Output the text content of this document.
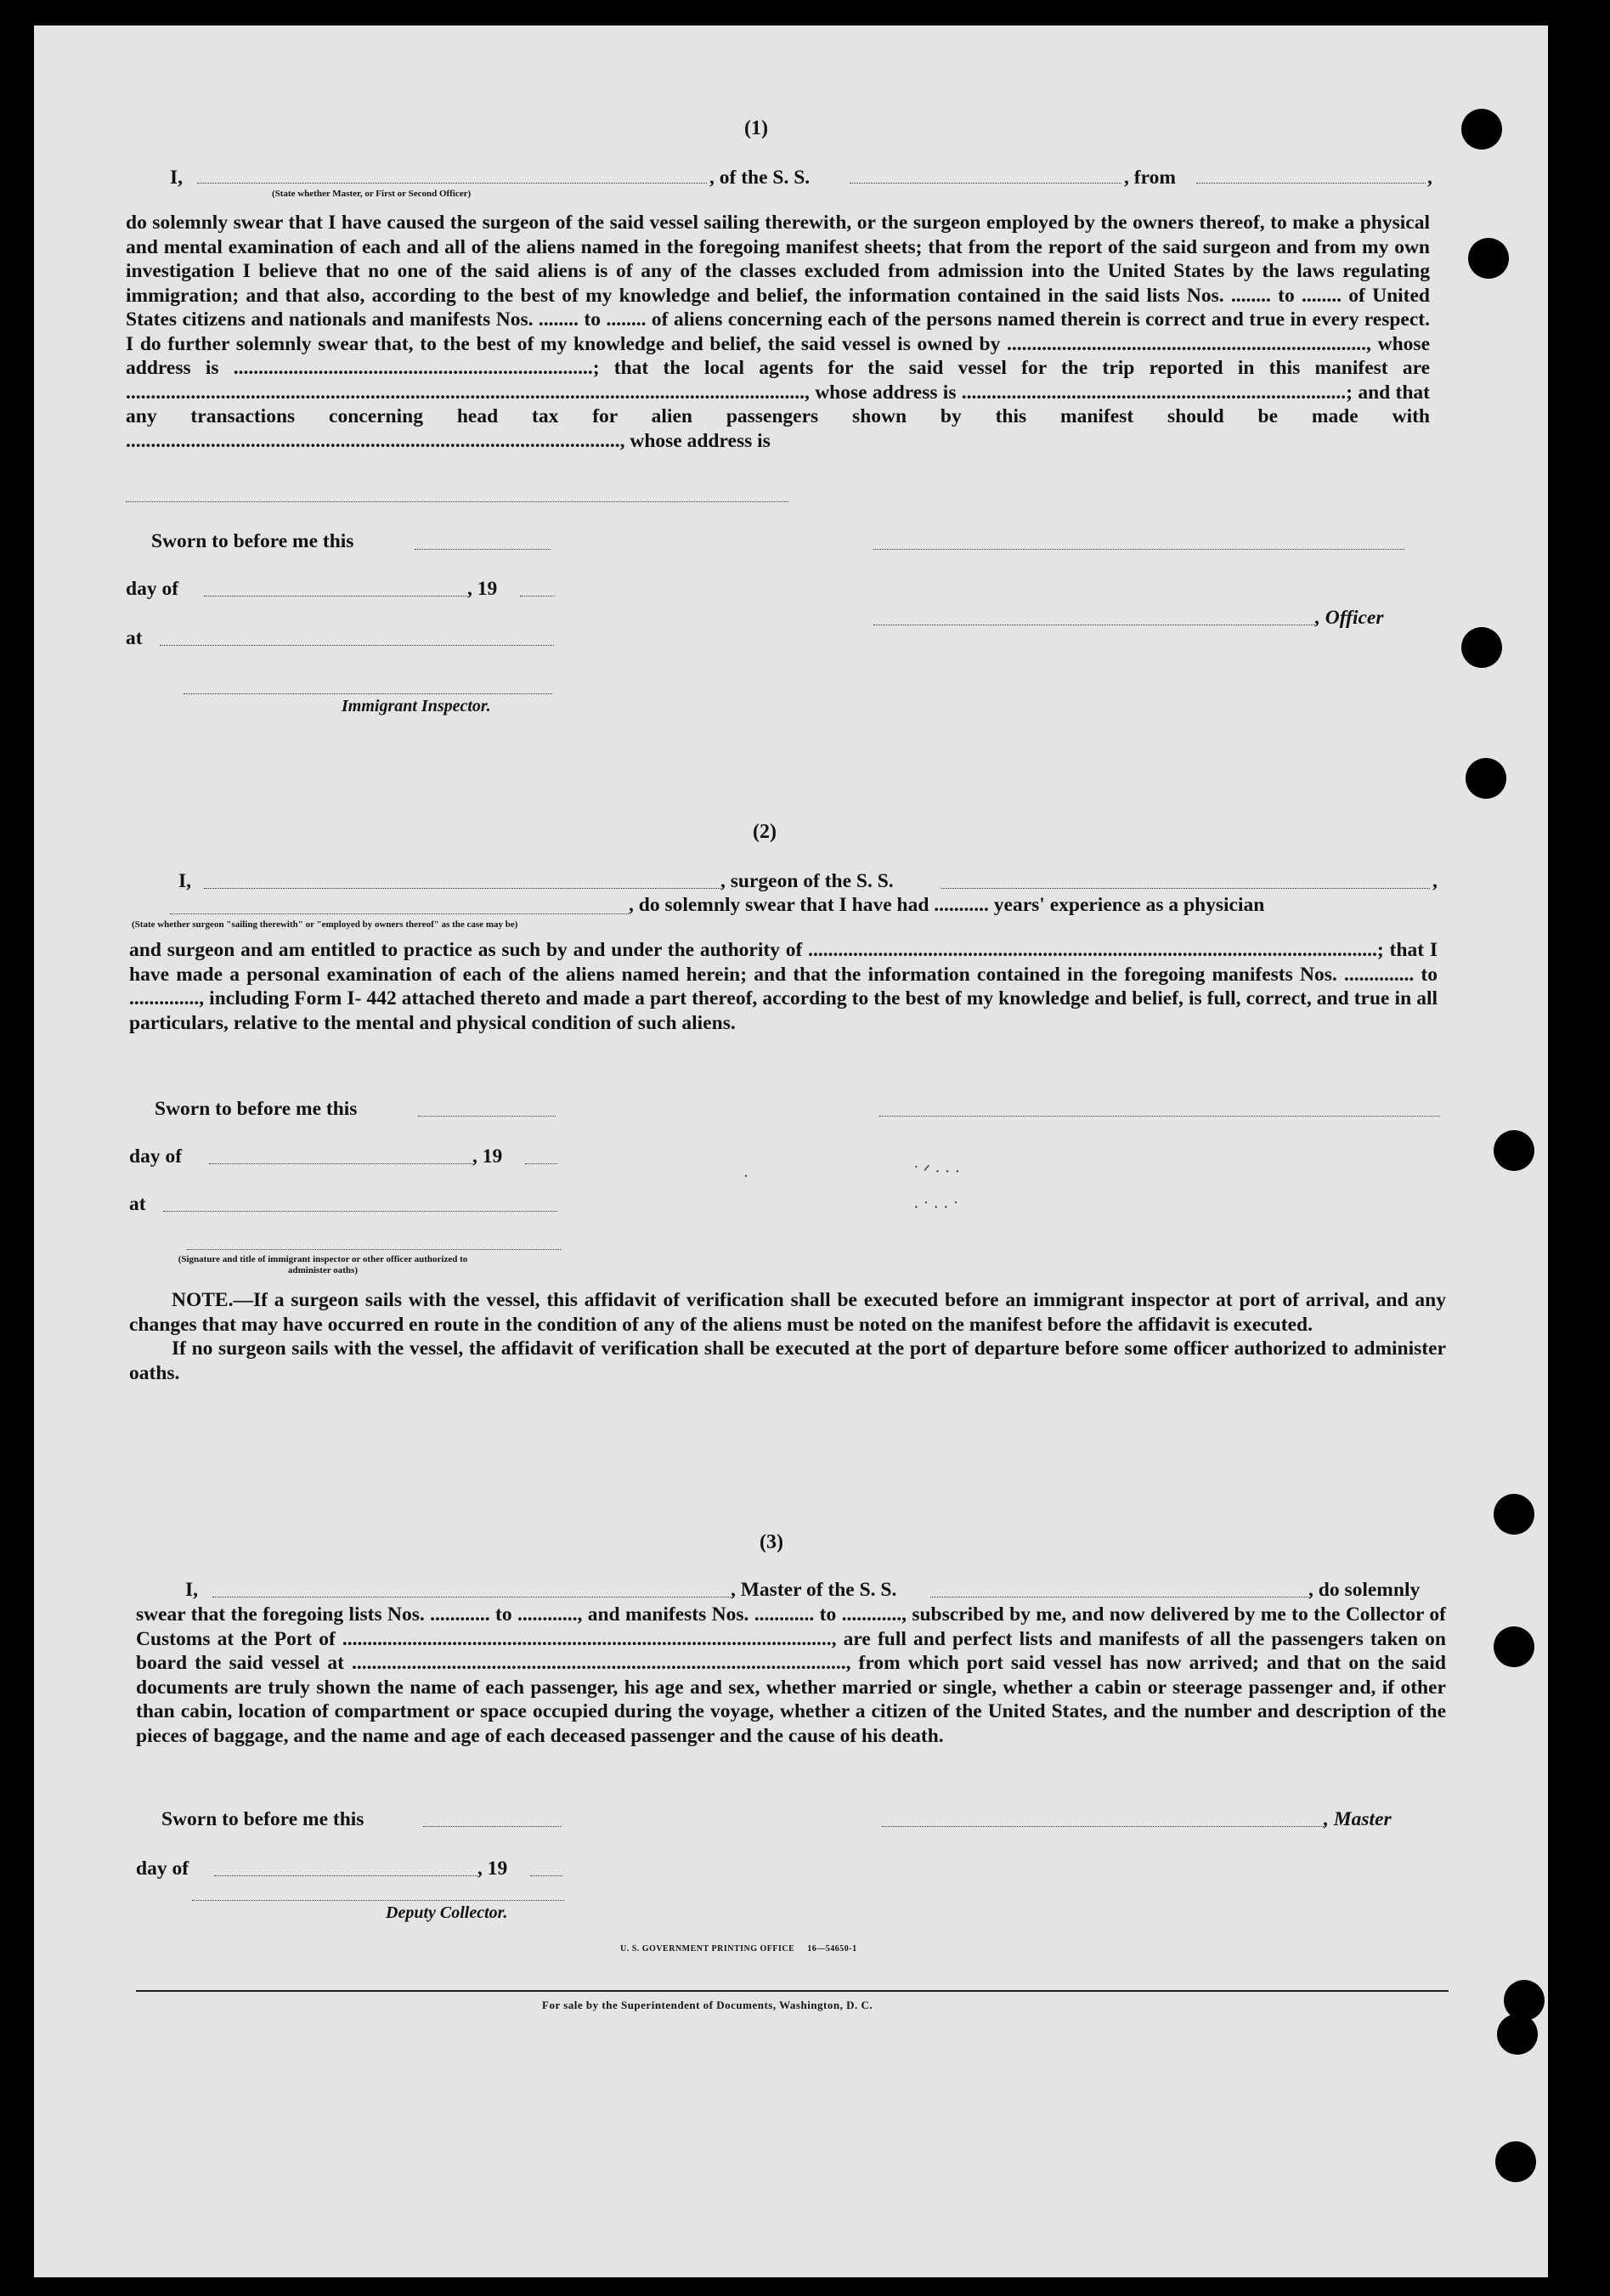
(1)
I,
(State whether Master, or First or Second Officer)
, of the S. S.	, from	,

do solemnly swear that I have caused the surgeon of the said vessel sailing therewith, or the surgeon employed by the owners thereof, to make a physical and mental examination of each and all of the aliens named in the foregoing manifest sheets; that from the report of the said surgeon and from my own investigation I believe that no one of the said aliens is of any of the classes excluded from admission into the United States by the laws regulating immigration; and that also, according to the best of my knowledge and belief, the information contained in the said lists Nos. ........ to ........ of United States citizens and nationals and manifests Nos. ........ to ........ of aliens concerning each of the persons named therein is correct and true in every respect. I do further solemnly swear that, to the best of my knowledge and belief, the said vessel is owned by ........................................................................, whose address is ........................................................................; that the local agents for the said vessel for the trip reported in this manifest are ........................................................................................................................................, whose address is .............................................................................; and that any transactions concerning head tax for alien passengers shown by this manifest should be made with ..................................................................................................., whose address is

Sworn to before me this
day of	, 19
, Officer
at
Immigrant Inspector.
(2)
I,	, surgeon of the S. S.	,
, do solemnly swear that I have had ........... years' experience as a physician
(State whether surgeon "sailing therewith" or "employed by owners thereof" as the case may be)
and surgeon and am entitled to practice as such by and under the authority of ..................................................................................................................; that I have made a personal examination of each of the aliens named herein; and that the information contained in the foregoing manifests Nos. .............. to .............., including Form I- 442 attached thereto and made a part thereof, according to the best of my knowledge and belief, is full, correct, and true in all particulars, relative to the mental and physical condition of such aliens.
Sworn to before me this
day of	, 19
at
˙ ᐟ · · ·
· ˙ · · ˙
ᐧ
(Signature and title of immigrant inspector or other officer authorized to administer oaths)

NOTE.—If a surgeon sails with the vessel, this affidavit of verification shall be executed before an immigrant inspector at port of arrival, and any changes that may have occurred en route in the condition of any of the aliens must be noted on the manifest before the affidavit is executed.

If no surgeon sails with the vessel, the affidavit of verification shall be executed at the port of departure before some officer authorized to administer oaths.

(3)
I,	, Master of the S. S.	, do solemnly
swear that the foregoing lists Nos. ............ to ............, and manifests Nos. ............ to ............, subscribed by me, and now delivered by me to the Collector of Customs at the Port of .................................................................................................., are full and perfect lists and manifests of all the passengers taken on board the said vessel at ..................................................................................................., from which port said vessel has now arrived; and that on the said documents are truly shown the name of each passenger, his age and sex, whether married or single, whether a cabin or steerage passenger and, if other than cabin, location of compartment or space occupied during the voyage, whether a citizen of the United States, and the number and description of the pieces of baggage, and the name and age of each deceased passenger and the cause of his death.
Sworn to before me this	, Master
day of	, 19
Deputy Collector.
U. S. GOVERNMENT PRINTING OFFICE     16—54650-1
For sale by the Superintendent of Documents, Washington, D. C.
